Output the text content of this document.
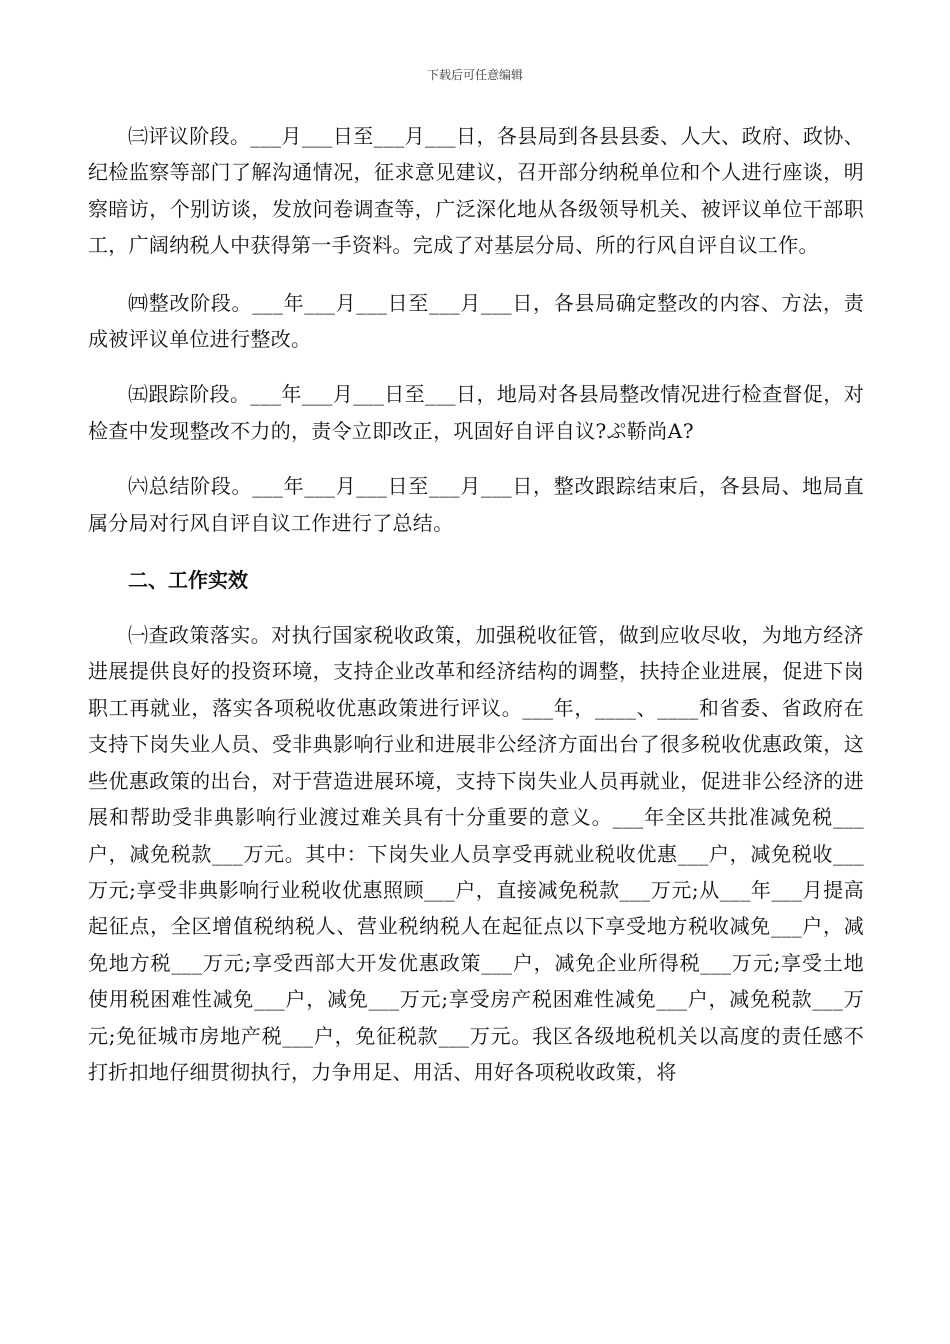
下载后可任意编辑

㈢评议阶段。___月___日至___月___日，各县局到各县县委、人大、政府、政协、纪检监察等部门了解沟通情况，征求意见建议，召开部分纳税单位和个人进行座谈，明察暗访，个别访谈，发放问卷调查等，广泛深化地从各级领导机关、被评议单位干部职工，广阔纳税人中获得第一手资料。完成了对基层分局、所的行风自评自议工作。

㈣整改阶段。___年___月___日至___月___日，各县局确定整改的内容、方法，责成被评议单位进行整改。

㈤跟踪阶段。___年___月___日至___日，地局对各县局整改情况进行检查督促，对检查中发现整改不力的，责令立即改正，巩固好自评自议?ぷ鞒尚А?

㈥总结阶段。___年___月___日至___月___日，整改跟踪结束后，各县局、地局直属分局对行风自评自议工作进行了总结。

二、工作实效

㈠查政策落实。对执行国家税收政策，加强税收征管，做到应收尽收，为地方经济进展提供良好的投资环境，支持企业改革和经济结构的调整，扶持企业进展，促进下岗职工再就业，落实各项税收优惠政策进行评议。___年，____、____和省委、省政府在支持下岗失业人员、受非典影响行业和进展非公经济方面出台了很多税收优惠政策，这些优惠政策的出台，对于营造进展环境，支持下岗失业人员再就业，促进非公经济的进展和帮助受非典影响行业渡过难关具有十分重要的意义。___年全区共批准减免税___户，减免税款___万元。其中：下岗失业人员享受再就业税收优惠___户，减免税收___万元;享受非典影响行业税收优惠照顾___户，直接减免税款___万元;从___年___月提高起征点，全区增值税纳税人、营业税纳税人在起征点以下享受地方税收减免___户，减免地方税___万元;享受西部大开发优惠政策___户，减免企业所得税___万元;享受土地使用税困难性减免___户，减免___万元;享受房产税困难性减免___户，减免税款___万元;免征城市房地产税___户，免征税款___万元。我区各级地税机关以高度的责任感不打折扣地仔细贯彻执行，力争用足、用活、用好各项税收政策，将
